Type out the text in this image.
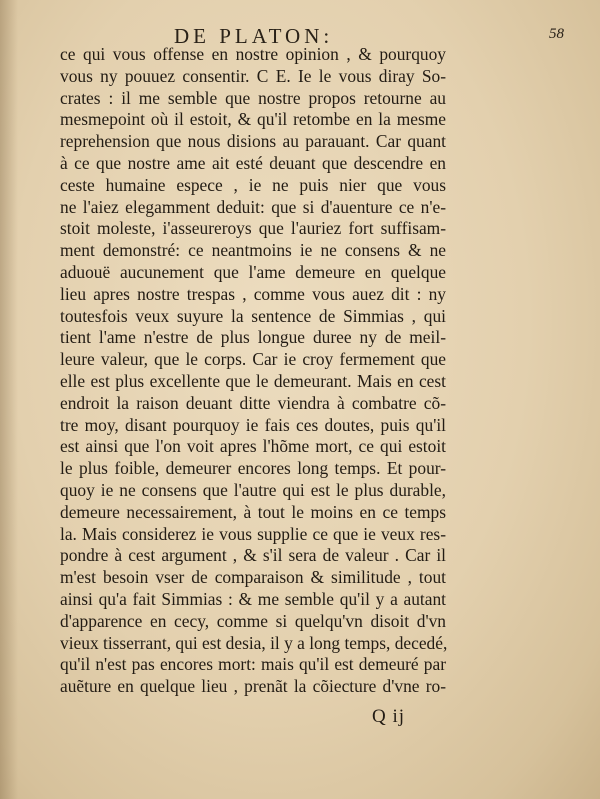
DE PLATON:	58
ce qui vous offense en nostre opinion , & pourquoy
vous ny pouuez consentir. C E. Ie le vous diray So-
crates : il me semble que nostre propos retourne au
mesmepoint où il estoit, & qu'il retombe en la mesme
reprehension que nous disions au parauant. Car quant
à ce que nostre ame ait esté deuant que descendre en
ceste humaine espece , ie ne puis nier que vous
ne l'aiez elegamment deduit: que si d'auenture ce n'e-
stoit moleste, i'asseureroys que l'auriez fort suffisam-
ment demonstré: ce neantmoins ie ne consens & ne
aduouë aucunement que l'ame demeure en quelque
lieu apres nostre trespas , comme vous auez dit : ny
toutesfois veux suyure la sentence de Simmias , qui
tient l'ame n'estre de plus longue duree ny de meil-
leure valeur, que le corps. Car ie croy fermement que
elle est plus excellente que le demeurant. Mais en cest
endroit la raison deuant ditte viendra à combatre cõ-
tre moy, disant pourquoy ie fais ces doutes, puis qu'il
est ainsi que l'on voit apres l'hõme mort, ce qui estoit
le plus foible, demeurer encores long temps. Et pour-
quoy ie ne consens que l'autre qui est le plus durable,
demeure necessairement, à tout le moins en ce temps
la. Mais considerez ie vous supplie ce que ie veux res-
pondre à cest argument , & s'il sera de valeur . Car il
m'est besoin vser de comparaison & similitude , tout
ainsi qu'a fait Simmias : & me semble qu'il y a autant
d'apparence en cecy, comme si quelqu'vn disoit d'vn
vieux tisserrant, qui est desia, il y a long temps, decedé,
qu'il n'est pas encores mort: mais qu'il est demeuré par
auẽture en quelque lieu , prenãt la cõiecture d'vne ro-
Q ij
